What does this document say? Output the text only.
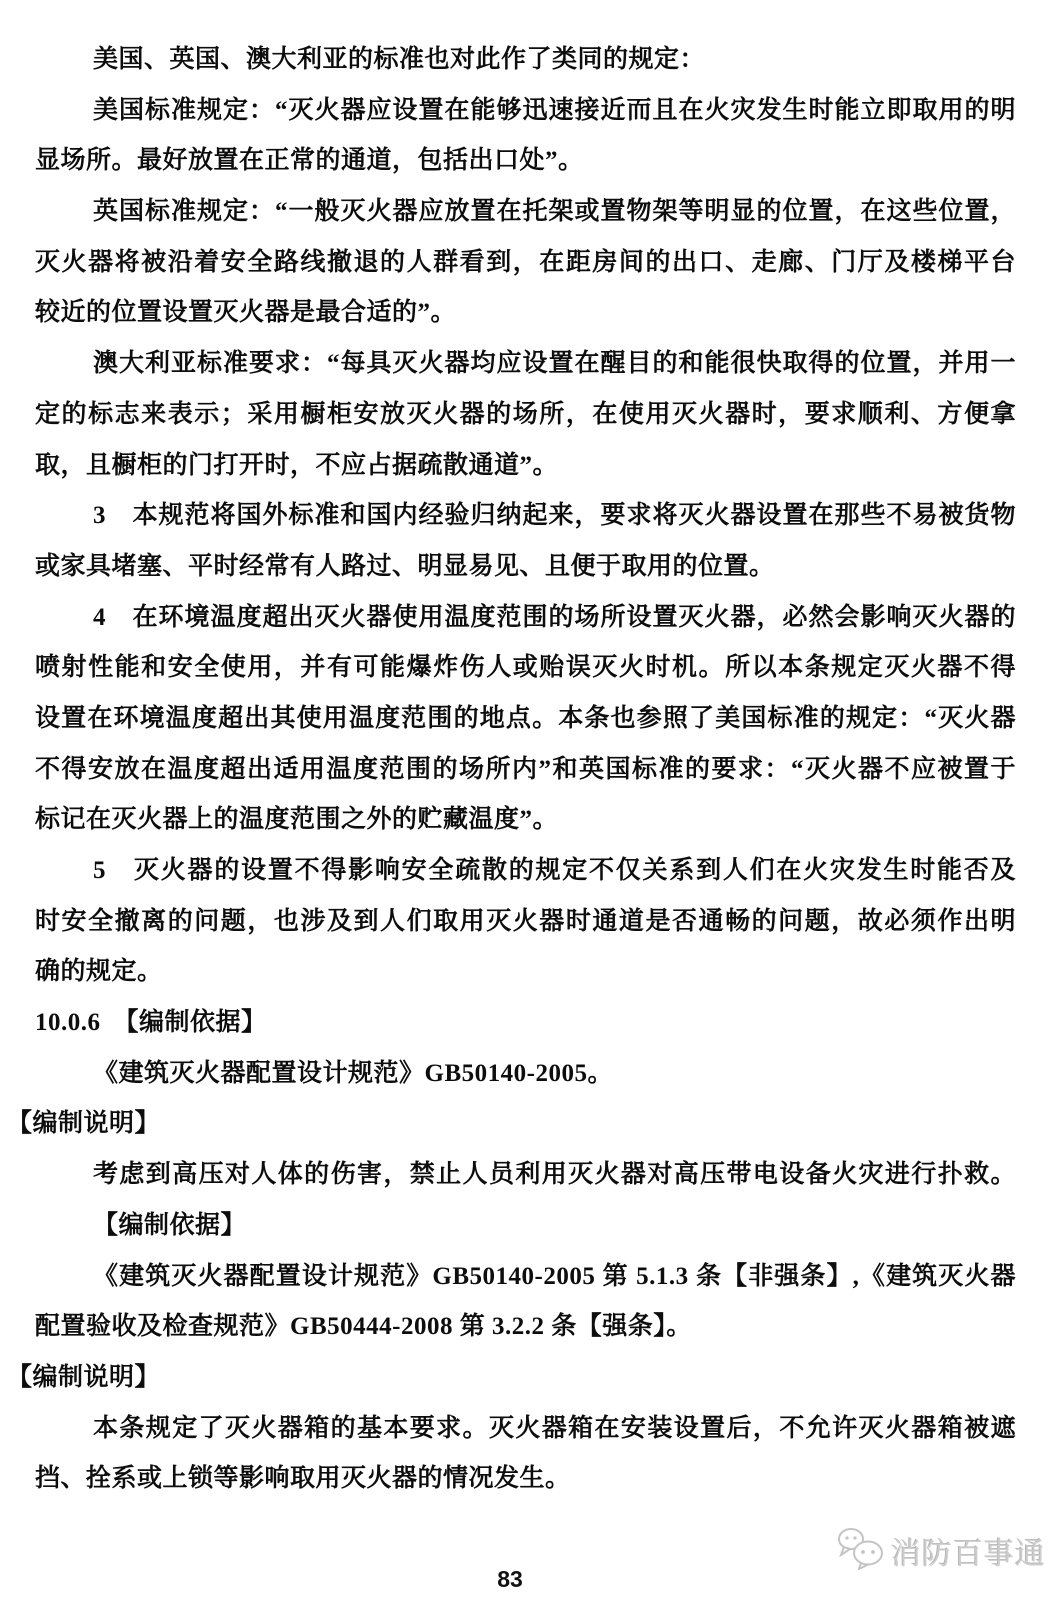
美国、英国、澳大利亚的标准也对此作了类同的规定：
美国标准规定：“灭火器应设置在能够迅速接近而且在火灾发生时能立即取用的明
显场所。最好放置在正常的通道，包括出口处”。
英国标准规定：“一般灭火器应放置在托架或置物架等明显的位置，在这些位置，
灭火器将被沿着安全路线撤退的人群看到，在距房间的出口、走廊、门厅及楼梯平台
较近的位置设置灭火器是最合适的”。
澳大利亚标准要求：“每具灭火器均应设置在醒目的和能很快取得的位置，并用一
定的标志来表示；采用橱柜安放灭火器的场所，在使用灭火器时，要求顺利、方便拿
取，且橱柜的门打开时，不应占据疏散通道”。
3　本规范将国外标准和国内经验归纳起来，要求将灭火器设置在那些不易被货物
或家具堵塞、平时经常有人路过、明显易见、且便于取用的位置。
4　在环境温度超出灭火器使用温度范围的场所设置灭火器，必然会影响灭火器的
喷射性能和安全使用，并有可能爆炸伤人或贻误灭火时机。所以本条规定灭火器不得
设置在环境温度超出其使用温度范围的地点。本条也参照了美国标准的规定：“灭火器
不得安放在温度超出适用温度范围的场所内”和英国标准的要求：“灭火器不应被置于
标记在灭火器上的温度范围之外的贮藏温度”。
5　灭火器的设置不得影响安全疏散的规定不仅关系到人们在火灾发生时能否及
时安全撤离的问题，也涉及到人们取用灭火器时通道是否通畅的问题，故必须作出明
确的规定。
10.0.6　【编制依据】
《建筑灭火器配置设计规范》GB50140-2005。
【编制说明】
考虑到高压对人体的伤害，禁止人员利用灭火器对高压带电设备火灾进行扑救。
【编制依据】
《建筑灭火器配置设计规范》GB50140-2005 第 5.1.3 条【非强条】,《建筑灭火器
配置验收及检查规范》GB50444-2008 第 3.2.2 条【强条】。
【编制说明】
本条规定了灭火器箱的基本要求。灭火器箱在安装设置后，不允许灭火器箱被遮
挡、拴系或上锁等影响取用灭火器的情况发生。
消防百事通
83
